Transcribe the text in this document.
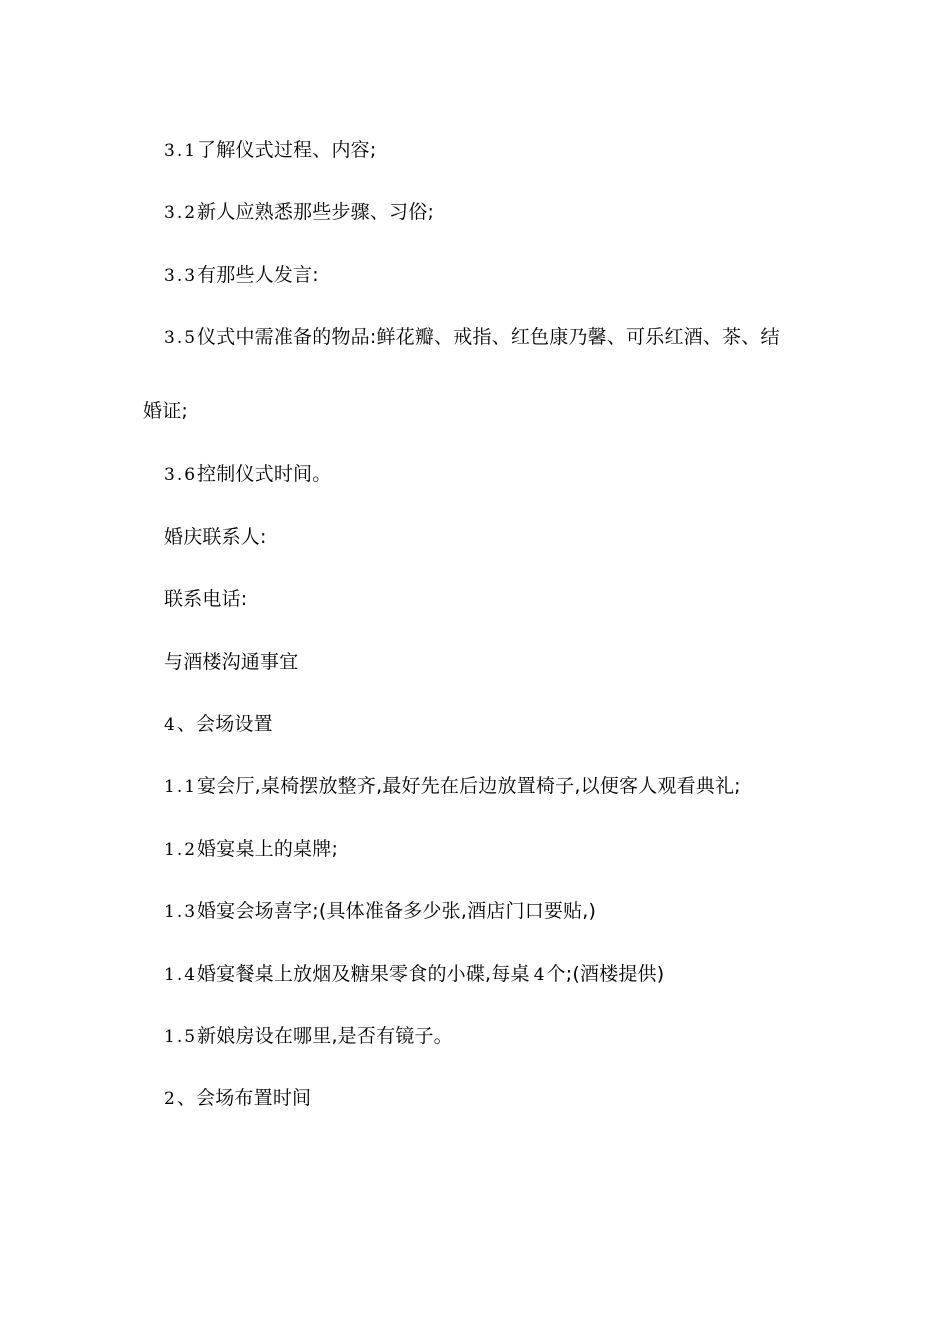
3.1了解仪式过程、内容;
3.2新人应熟悉那些步骤、习俗;
3.3有那些人发言:
3.5仪式中需准备的物品:鲜花瓣、戒指、红色康乃馨、可乐红酒、茶、结
婚证;
3.6控制仪式时间。
婚庆联系人:
联系电话:
与酒楼沟通事宜
4、会场设置
1.1宴会厅,桌椅摆放整齐,最好先在后边放置椅子,以便客人观看典礼;
1.2婚宴桌上的桌牌;
1.3婚宴会场喜字;(具体准备多少张,酒店门口要贴,)
1.4婚宴餐桌上放烟及糖果零食的小碟,每桌 4个;(酒楼提供)
1.5新娘房设在哪里,是否有镜子。
2、会场布置时间
